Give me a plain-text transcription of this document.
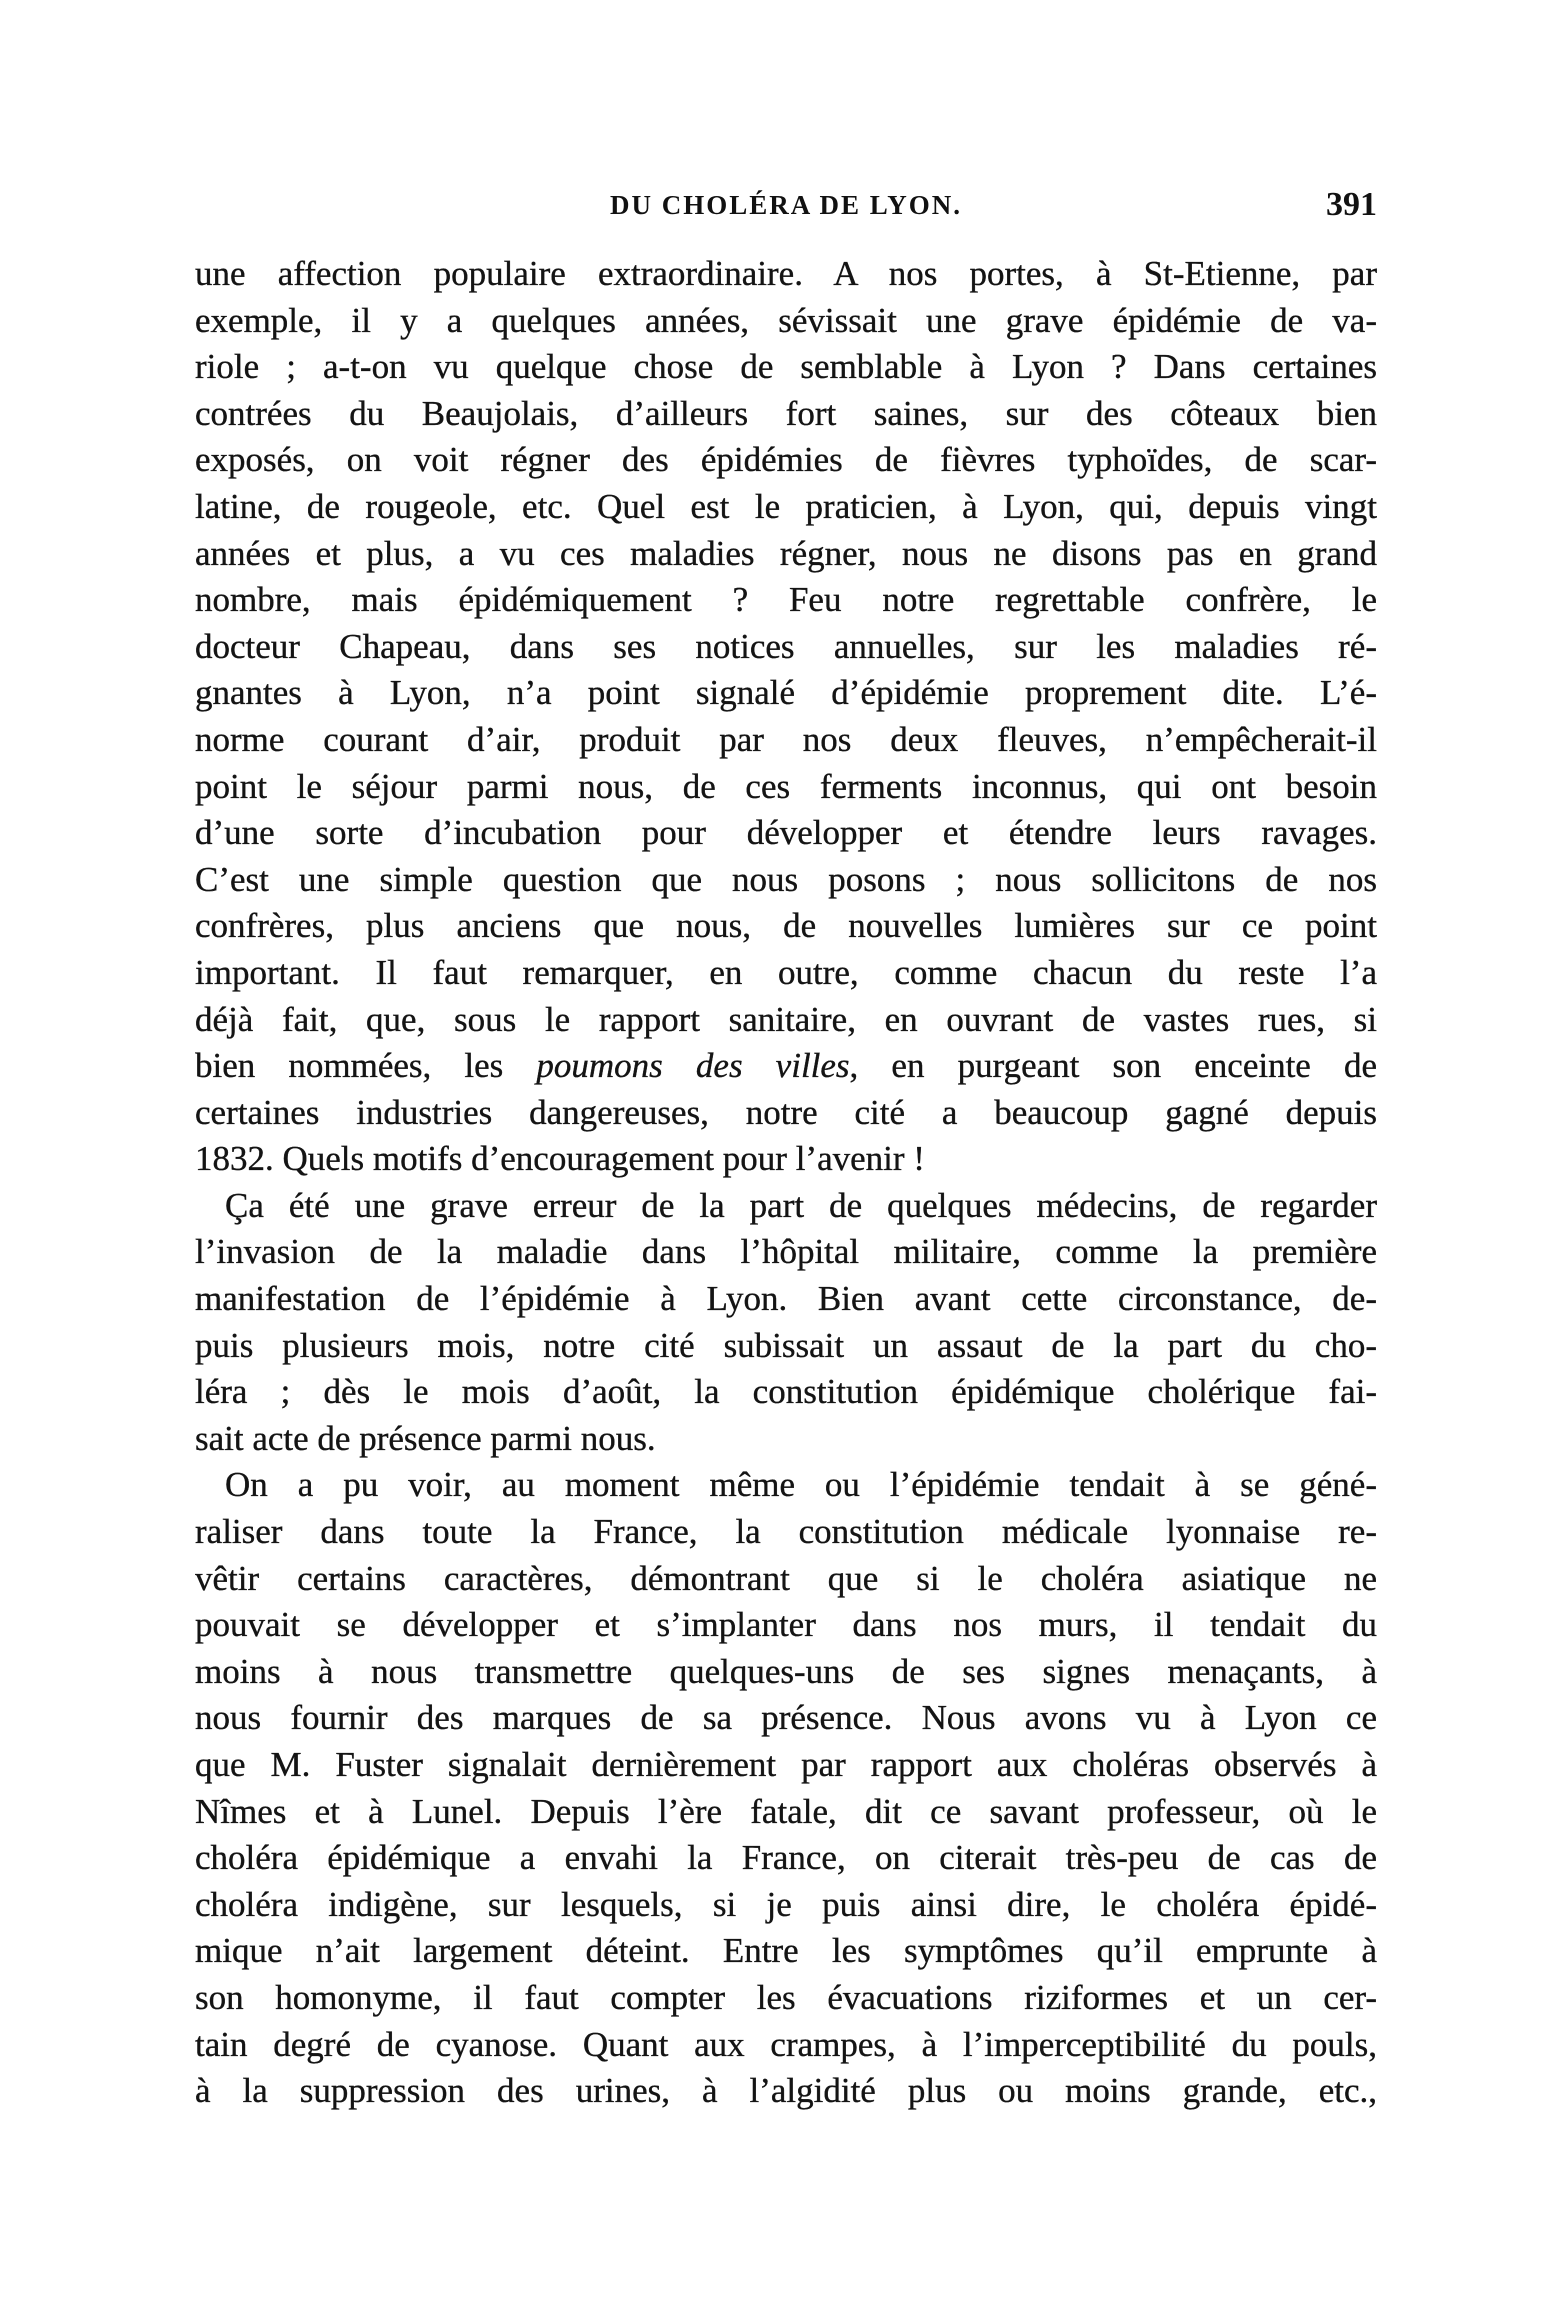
DU CHOLÉRA DE LYON.	391
une affection populaire extraordinaire. A nos portes, à St-Etienne, par
exemple, il y a quelques années, sévissait une grave épidémie de va-
riole ; a-t-on vu quelque chose de semblable à Lyon ? Dans certaines
contrées du Beaujolais, d’ailleurs fort saines, sur des côteaux bien
exposés, on voit régner des épidémies de fièvres typhoïdes, de scar-
latine, de rougeole, etc. Quel est le praticien, à Lyon, qui, depuis vingt
années et plus, a vu ces maladies régner, nous ne disons pas en grand
nombre, mais épidémiquement ? Feu notre regrettable confrère, le
docteur Chapeau, dans ses notices annuelles, sur les maladies ré-
gnantes à Lyon, n’a point signalé d’épidémie proprement dite. L’é-
norme courant d’air, produit par nos deux fleuves, n’empêcherait-il
point le séjour parmi nous, de ces ferments inconnus, qui ont besoin
d’une sorte d’incubation pour développer et étendre leurs ravages.
C’est une simple question que nous posons ; nous sollicitons de nos
confrères, plus anciens que nous, de nouvelles lumières sur ce point
important. Il faut remarquer, en outre, comme chacun du reste l’a
déjà fait, que, sous le rapport sanitaire, en ouvrant de vastes rues, si
bien nommées, les poumons des villes, en purgeant son enceinte de
certaines industries dangereuses, notre cité a beaucoup gagné depuis
1832. Quels motifs d’encouragement pour l’avenir !
Ça été une grave erreur de la part de quelques médecins, de regarder
l’invasion de la maladie dans l’hôpital militaire, comme la première
manifestation de l’épidémie à Lyon. Bien avant cette circonstance, de-
puis plusieurs mois, notre cité subissait un assaut de la part du cho-
léra ; dès le mois d’août, la constitution épidémique cholérique fai-
sait acte de présence parmi nous.
On a pu voir, au moment même ou l’épidémie tendait à se géné-
raliser dans toute la France, la constitution médicale lyonnaise re-
vêtir certains caractères, démontrant que si le choléra asiatique ne
pouvait se développer et s’implanter dans nos murs, il tendait du
moins à nous transmettre quelques-uns de ses signes menaçants, à
nous fournir des marques de sa présence. Nous avons vu à Lyon ce
que M. Fuster signalait dernièrement par rapport aux choléras observés à
Nîmes et à Lunel. Depuis l’ère fatale, dit ce savant professeur, où le
choléra épidémique a envahi la France, on citerait très-peu de cas de
choléra indigène, sur lesquels, si je puis ainsi dire, le choléra épidé-
mique n’ait largement déteint. Entre les symptômes qu’il emprunte à
son homonyme, il faut compter les évacuations riziformes et un cer-
tain degré de cyanose. Quant aux crampes, à l’imperceptibilité du pouls,
à la suppression des urines, à l’algidité plus ou moins grande, etc.,
